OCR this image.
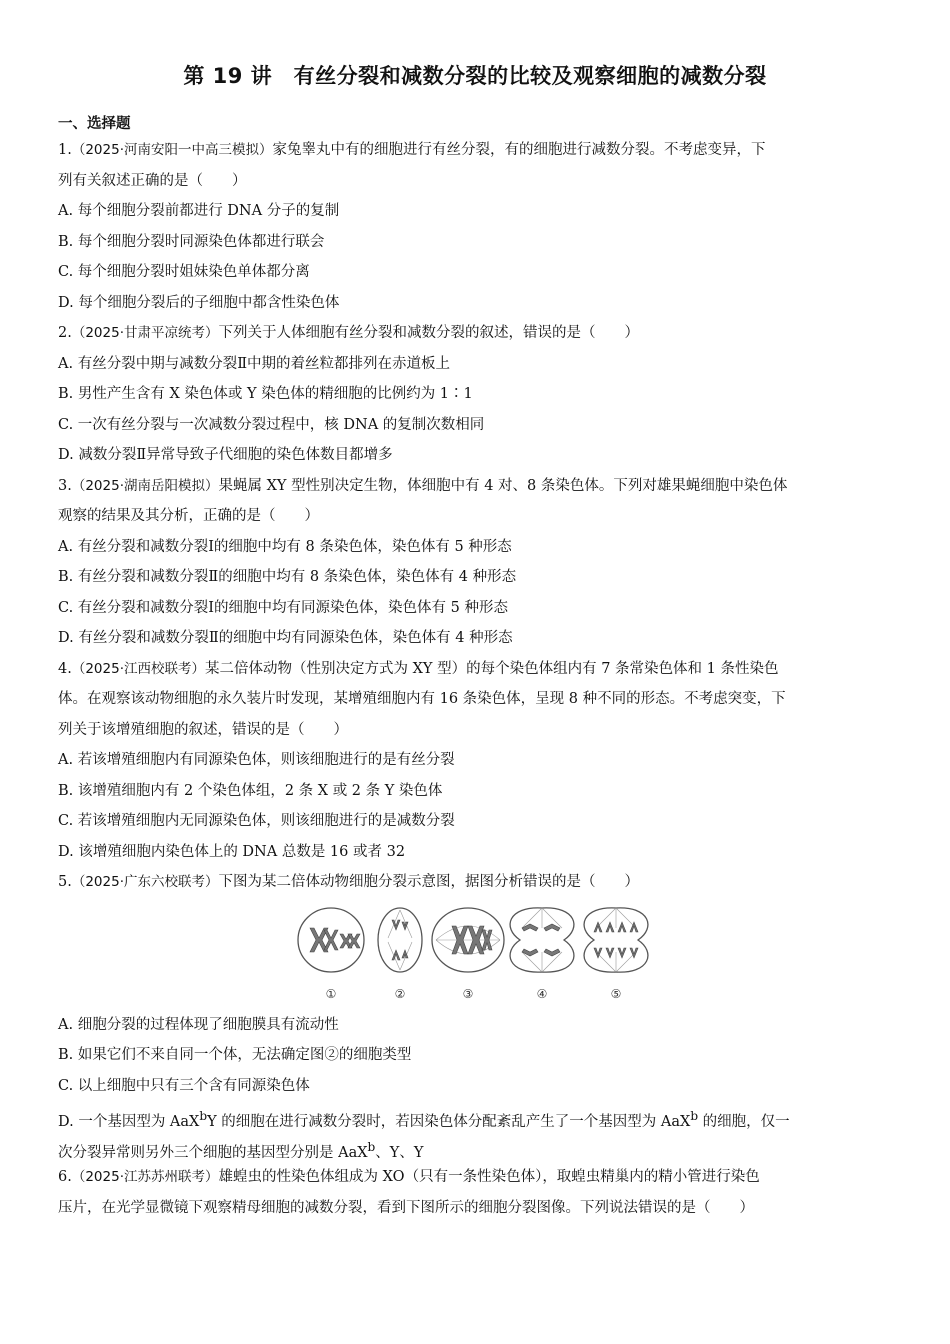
第 19 讲　有丝分裂和减数分裂的比较及观察细胞的减数分裂
一、选择题
1.（2025·河南安阳一中高三模拟）家兔睾丸中有的细胞进行有丝分裂，有的细胞进行减数分裂。不考虑变异，下
列有关叙述正确的是（　　）
A. 每个细胞分裂前都进行 DNA 分子的复制
B. 每个细胞分裂时同源染色体都进行联会
C. 每个细胞分裂时姐妹染色单体都分离
D. 每个细胞分裂后的子细胞中都含性染色体
2.（2025·甘肃平凉统考）下列关于人体细胞有丝分裂和减数分裂的叙述，错误的是（　　）
A. 有丝分裂中期与减数分裂Ⅱ中期的着丝粒都排列在赤道板上
B. 男性产生含有 X 染色体或 Y 染色体的精细胞的比例约为 1∶1
C. 一次有丝分裂与一次减数分裂过程中，核 DNA 的复制次数相同
D. 减数分裂Ⅱ异常导致子代细胞的染色体数目都增多
3.（2025·湖南岳阳模拟）果蝇属 XY 型性别决定生物，体细胞中有 4 对、8 条染色体。下列对雄果蝇细胞中染色体
观察的结果及其分析，正确的是（　　）
A. 有丝分裂和减数分裂Ⅰ的细胞中均有 8 条染色体，染色体有 5 种形态
B. 有丝分裂和减数分裂Ⅱ的细胞中均有 8 条染色体，染色体有 4 种形态
C. 有丝分裂和减数分裂Ⅰ的细胞中均有同源染色体，染色体有 5 种形态
D. 有丝分裂和减数分裂Ⅱ的细胞中均有同源染色体，染色体有 4 种形态
4.（2025·江西校联考）某二倍体动物（性别决定方式为 XY 型）的每个染色体组内有 7 条常染色体和 1 条性染色
体。在观察该动物细胞的永久装片时发现，某增殖细胞内有 16 条染色体，呈现 8 种不同的形态。不考虑突变，下
列关于该增殖细胞的叙述，错误的是（　　）
A. 若该增殖细胞内有同源染色体，则该细胞进行的是有丝分裂
B. 该增殖细胞内有 2 个染色体组，2 条 X 或 2 条 Y 染色体
C. 若该增殖细胞内无同源染色体，则该细胞进行的是减数分裂
D. 该增殖细胞内染色体上的 DNA 总数是 16 或者 32
5.（2025·广东六校联考）下图为某二倍体动物细胞分裂示意图，据图分析错误的是（　　）
①	②	③	④	⑤
A. 细胞分裂的过程体现了细胞膜具有流动性
B. 如果它们不来自同一个体，无法确定图②的细胞类型
C. 以上细胞中只有三个含有同源染色体
D. 一个基因型为 AaX$^b$Y 的细胞在进行减数分裂时，若因染色体分配紊乱产生了一个基因型为 AaX$^b$ 的细胞，仅一
次分裂异常则另外三个细胞的基因型分别是 AaX$^b$、Y、Y
6.（2025·江苏苏州联考）雄蝗虫的性染色体组成为 XO（只有一条性染色体），取蝗虫精巢内的精小管进行染色
压片，在光学显微镜下观察精母细胞的减数分裂，看到下图所示的细胞分裂图像。下列说法错误的是（　　）
